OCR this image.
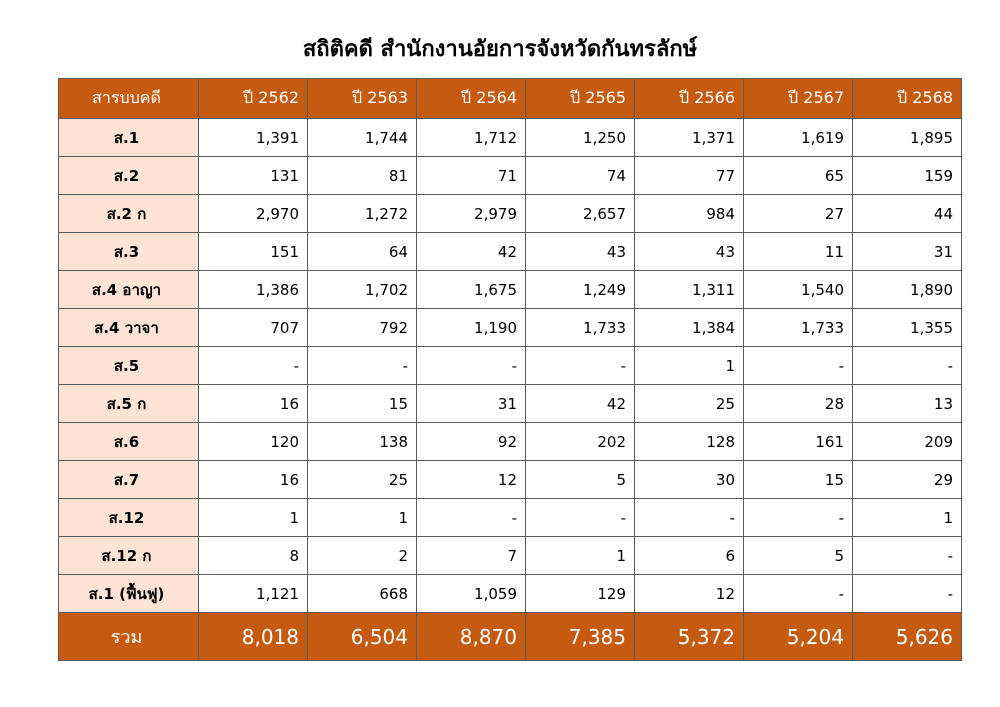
สถิติคดี สำนักงานอัยการจังหวัดกันทรลักษ์
สารบบคดี	ปี 2562	ปี 2563	ปี 2564	ปี 2565	ปี 2566	ปี 2567	ปี 2568
ส.1	1,391	1,744	1,712	1,250	1,371	1,619	1,895
ส.2	131	81	71	74	77	65	159
ส.2 ก	2,970	1,272	2,979	2,657	984	27	44
ส.3	151	64	42	43	43	11	31
ส.4 อาญา	1,386	1,702	1,675	1,249	1,311	1,540	1,890
ส.4 วาจา	707	792	1,190	1,733	1,384	1,733	1,355
ส.5	-	-	-	-	1	-	-
ส.5 ก	16	15	31	42	25	28	13
ส.6	120	138	92	202	128	161	209
ส.7	16	25	12	5	30	15	29
ส.12	1	1	-	-	-	-	1
ส.12 ก	8	2	7	1	6	5	-
ส.1 (ฟื้นฟู)	1,121	668	1,059	129	12	-	-
รวม	8,018	6,504	8,870	7,385	5,372	5,204	5,626
